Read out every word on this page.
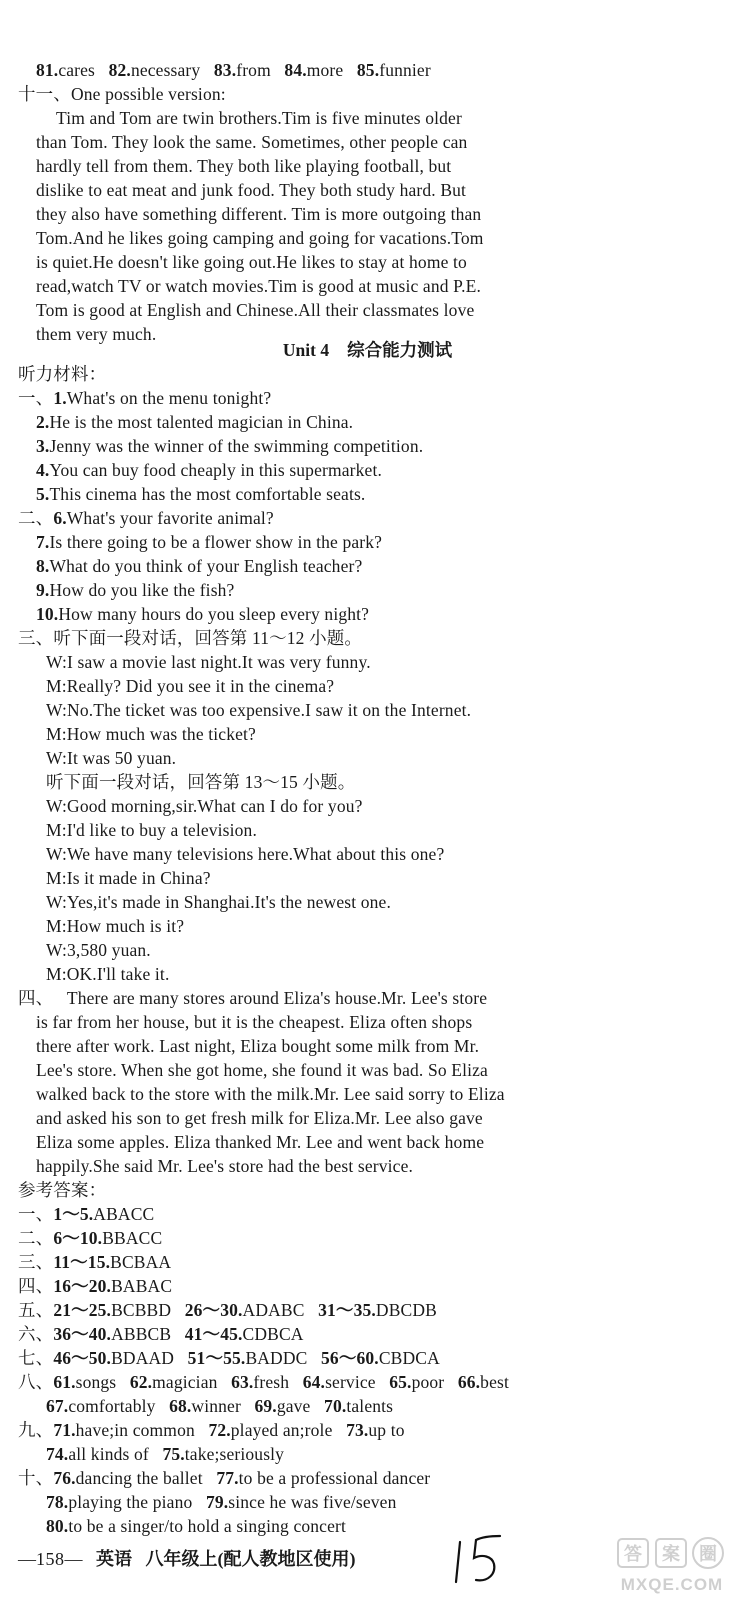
81.cares 82.necessary 83.from 84.more 85.funnier
十一、One possible version:
Tim and Tom are twin brothers.Tim is five minutes older
than Tom. They look the same. Sometimes, other people can
hardly tell from them. They both like playing football, but
dislike to eat meat and junk food. They both study hard. But
they also have something different. Tim is more outgoing than
Tom.And he likes going camping and going for vacations.Tom
is quiet.He doesn't like going out.He likes to stay at home to
read,watch TV or watch movies.Tim is good at music and P.E.
Tom is good at English and Chinese.All their classmates love
them very much.
Unit 4 综合能力测试
听力材料：
一、1.What's on the menu tonight?
2.He is the most talented magician in China.
3.Jenny was the winner of the swimming competition.
4.You can buy food cheaply in this supermarket.
5.This cinema has the most comfortable seats.
二、6.What's your favorite animal?
7.Is there going to be a flower show in the park?
8.What do you think of your English teacher?
9.How do you like the fish?
10.How many hours do you sleep every night?
三、听下面一段对话，回答第 11～12 小题。
W:I saw a movie last night.It was very funny.
M:Really? Did you see it in the cinema?
W:No.The ticket was too expensive.I saw it on the Internet.
M:How much was the ticket?
W:It was 50 yuan.
听下面一段对话，回答第 13～15 小题。
W:Good morning,sir.What can I do for you?
M:I'd like to buy a television.
W:We have many televisions here.What about this one?
M:Is it made in China?
W:Yes,it's made in Shanghai.It's the newest one.
M:How much is it?
W:3,580 yuan.
M:OK.I'll take it.
四、 There are many stores around Eliza's house.Mr. Lee's store
is far from her house, but it is the cheapest. Eliza often shops
there after work. Last night, Eliza bought some milk from Mr.
Lee's store. When she got home, she found it was bad. So Eliza
walked back to the store with the milk.Mr. Lee said sorry to Eliza
and asked his son to get fresh milk for Eliza.Mr. Lee also gave
Eliza some apples. Eliza thanked Mr. Lee and went back home
happily.She said Mr. Lee's store had the best service.
参考答案：
一、1～5.ABACC
二、6～10.BBACC
三、11～15.BCBAA
四、16～20.BABAC
五、21～25.BCBBD 26～30.ADABC 31～35.DBCDB
六、36～40.ABBCB 41～45.CDBCA
七、46～50.BDAAD 51～55.BADDC 56～60.CBDCA
八、61.songs 62.magician 63.fresh 64.service 65.poor 66.best
67.comfortably 68.winner 69.gave 70.talents
九、71.have;in common 72.played an;role 73.up to
74.all kinds of 75.take;seriously
十、76.dancing the ballet 77.to be a professional dancer
78.playing the piano 79.since he was five/seven
80.to be a singer/to hold a singing concert
—158— 英语 八年级上(配人教地区使用)	答 案 圈
MXQE.COM
